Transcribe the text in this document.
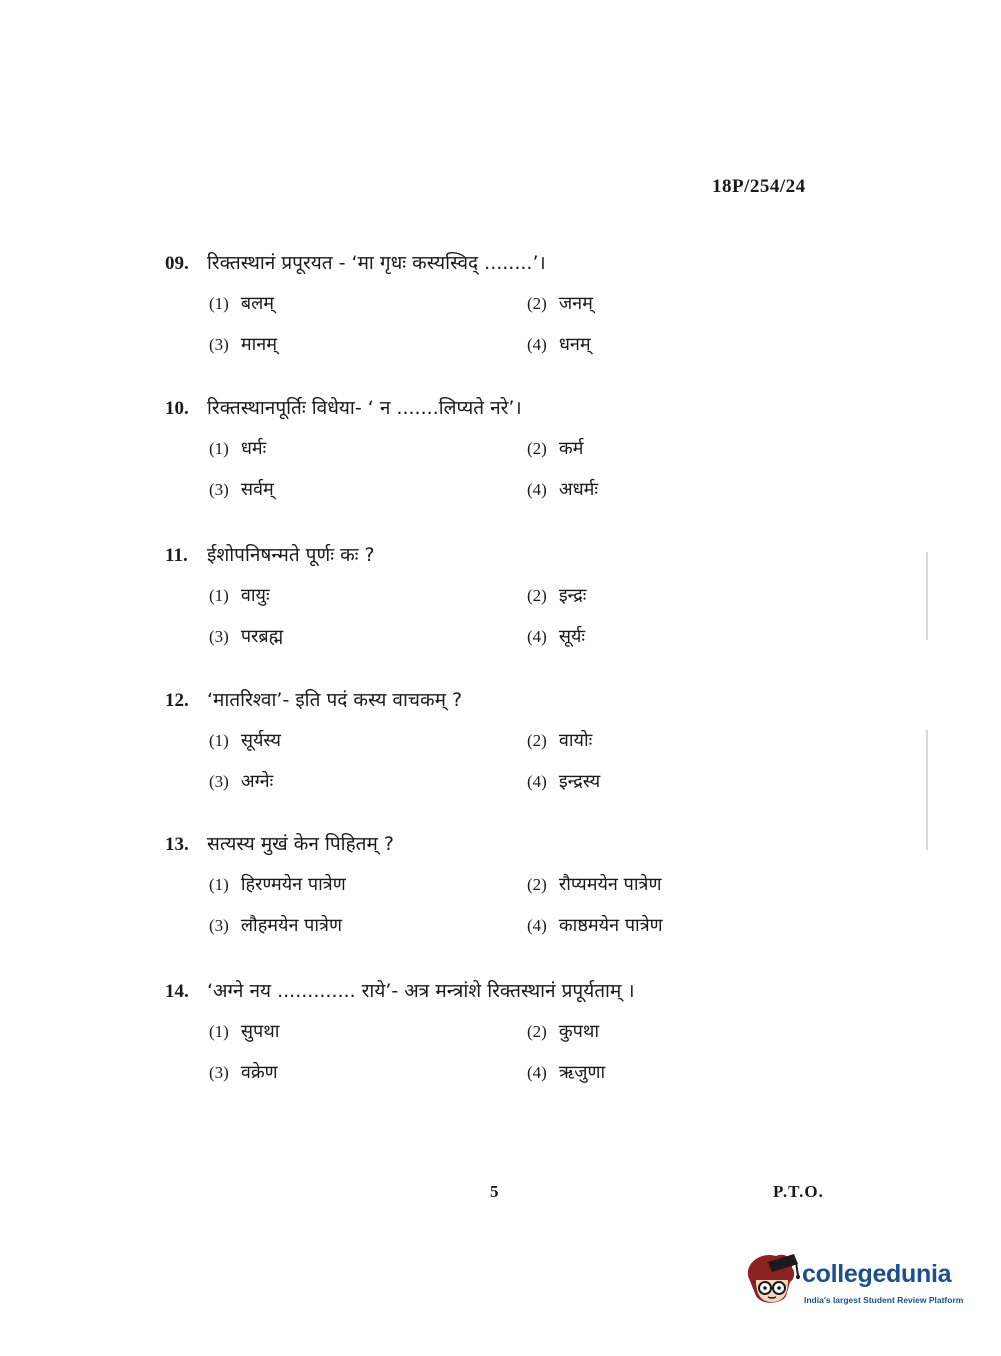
18P/254/24
09. रिक्तस्थानं प्रपूरयत - ‘मा गृधः कस्यस्विद् ........’।
(1) बलम्	(2) जनम्
(3) मानम्	(4) धनम्
10. रिक्तस्थानपूर्तिः विधेया- ‘ न .......लिप्यते नरे’।
(1) धर्मः	(2) कर्म
(3) सर्वम्	(4) अधर्मः
11.	ईशोपनिषन्मते पूर्णः कः ?
(1) वायुः	(2) इन्द्रः
(3) परब्रह्म	(4) सूर्यः
12. ‘मातरिश्वा’- इति पदं कस्य वाचकम् ?
(1) सूर्यस्य	(2) वायोः
(3) अग्नेः	(4) इन्द्रस्य
13. सत्यस्य मुखं केन पिहितम् ?
(1) हिरण्मयेन पात्रेण	(2) रौप्यमयेन पात्रेण
(3) लौहमयेन पात्रेण	(4) काष्ठमयेन पात्रेण
14. ‘अग्ने नय ............. राये’- अत्र मन्त्रांशे रिक्तस्थानं प्रपूर्यताम् ।
(1) सुपथा	(2) कुपथा
(3) वक्रेण	(4) ऋजुणा
5	P.T.O.
collegedunia
India's largest Student Review Platform
